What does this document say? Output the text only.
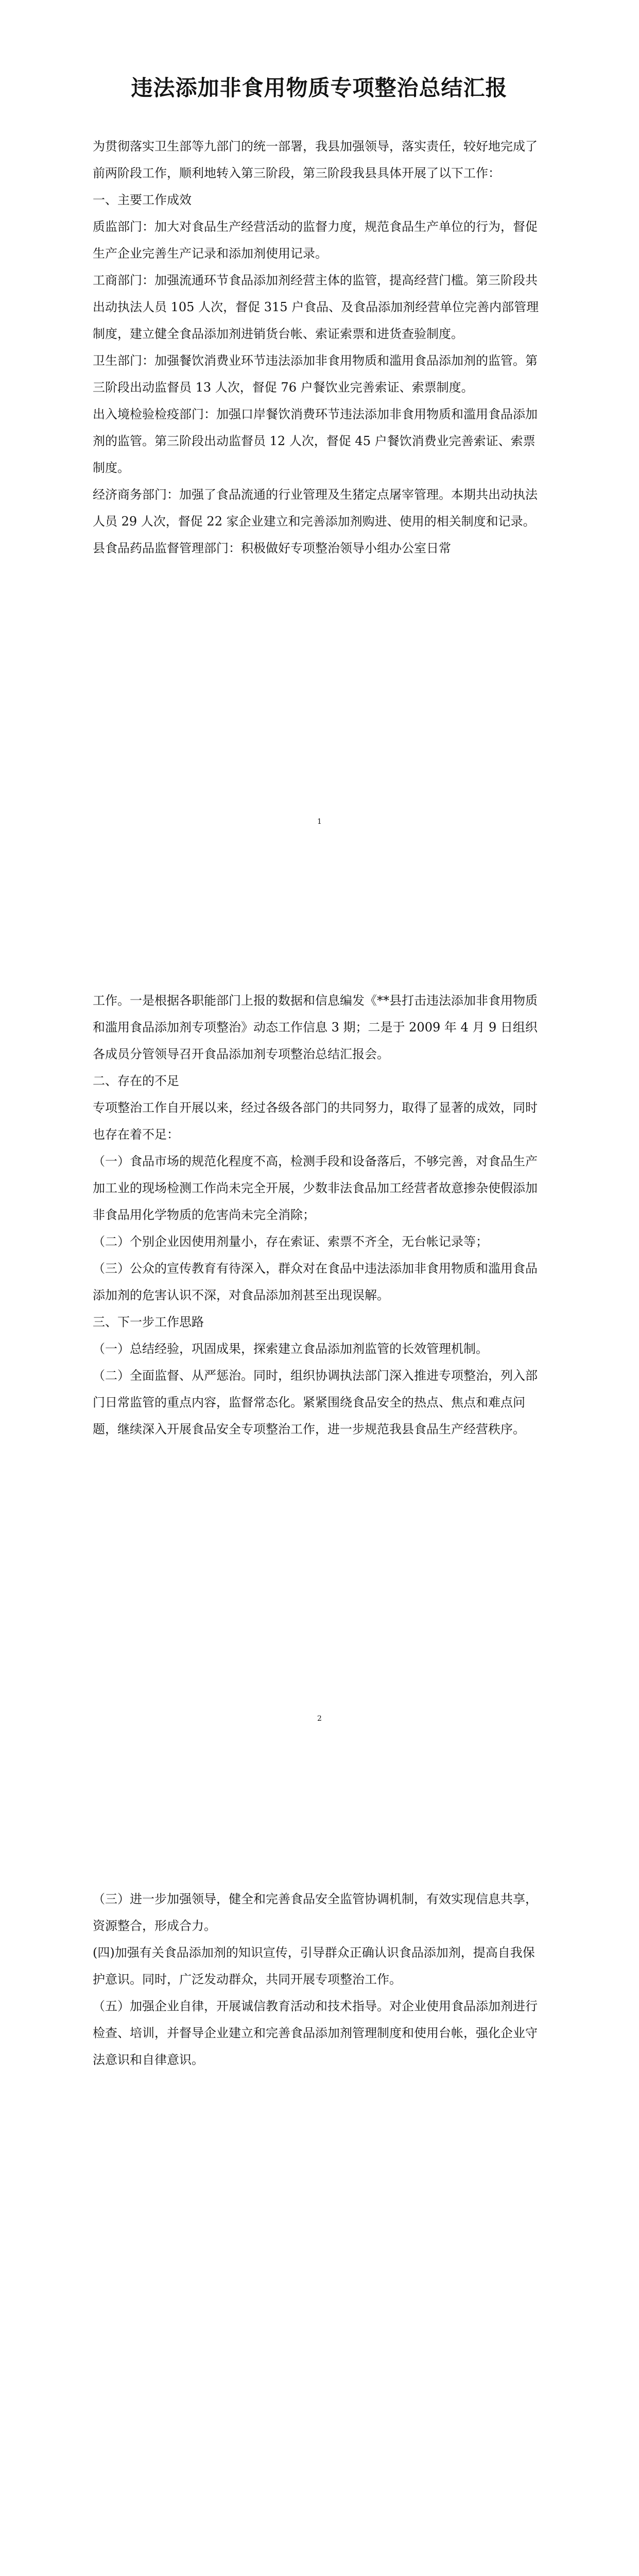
违法添加非食用物质专项整治总结汇报

为贯彻落实卫生部等九部门的统一部署，我县加强领导，落实责任，较好地完成了前两阶段工作，顺利地转入第三阶段，第三阶段我县具体开展了以下工作：

一、主要工作成效

质监部门：加大对食品生产经营活动的监督力度，规范食品生产单位的行为，督促生产企业完善生产记录和添加剂使用记录。

工商部门：加强流通环节食品添加剂经营主体的监管，提高经营门槛。第三阶段共出动执法人员 105 人次，督促 315 户食品、及食品添加剂经营单位完善内部管理制度，建立健全食品添加剂进销货台帐、索证索票和进货查验制度。

卫生部门：加强餐饮消费业环节违法添加非食用物质和滥用食品添加剂的监管。第三阶段出动监督员 13 人次，督促 76 户餐饮业完善索证、索票制度。

出入境检验检疫部门：加强口岸餐饮消费环节违法添加非食用物质和滥用食品添加剂的监管。第三阶段出动监督员 12 人次，督促 45 户餐饮消费业完善索证、索票制度。

经济商务部门：加强了食品流通的行业管理及生猪定点屠宰管理。本期共出动执法人员 29 人次，督促 22 家企业建立和完善添加剂购进、使用的相关制度和记录。

县食品药品监督管理部门：积极做好专项整治领导小组办公室日常

1

工作。一是根据各职能部门上报的数据和信息编发《**县打击违法添加非食用物质和滥用食品添加剂专项整治》动态工作信息 3 期；二是于 2009 年 4 月 9 日组织各成员分管领导召开食品添加剂专项整治总结汇报会。

二、存在的不足

专项整治工作自开展以来，经过各级各部门的共同努力，取得了显著的成效，同时也存在着不足：

（一）食品市场的规范化程度不高，检测手段和设备落后，不够完善，对食品生产加工业的现场检测工作尚未完全开展，少数非法食品加工经营者故意掺杂使假添加非食品用化学物质的危害尚未完全消除；

（二）个别企业因使用剂量小，存在索证、索票不齐全，无台帐记录等；

（三）公众的宣传教育有待深入，群众对在食品中违法添加非食用物质和滥用食品添加剂的危害认识不深，对食品添加剂甚至出现误解。

三、下一步工作思路

（一）总结经验，巩固成果，探索建立食品添加剂监管的长效管理机制。

（二）全面监督、从严惩治。同时，组织协调执法部门深入推进专项整治，列入部门日常监管的重点内容，监督常态化。紧紧围绕食品安全的热点、焦点和难点问题，继续深入开展食品安全专项整治工作，进一步规范我县食品生产经营秩序。

2

（三）进一步加强领导，健全和完善食品安全监管协调机制，有效实现信息共享，资源整合，形成合力。

(四)加强有关食品添加剂的知识宣传，引导群众正确认识食品添加剂，提高自我保护意识。同时，广泛发动群众，共同开展专项整治工作。

（五）加强企业自律，开展诚信教育活动和技术指导。对企业使用食品添加剂进行检查、培训，并督导企业建立和完善食品添加剂管理制度和使用台帐，强化企业守法意识和自律意识。
